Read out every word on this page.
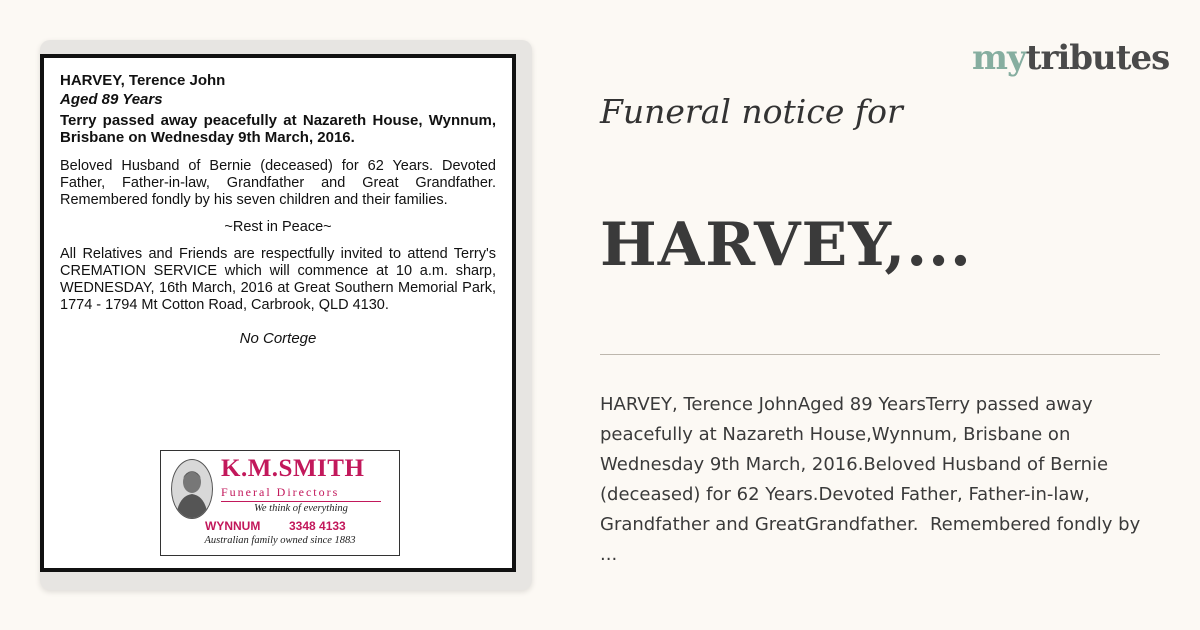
HARVEY, Terence John
Aged 89 Years
Terry passed away peacefully at Nazareth House, Wynnum, Brisbane on Wednesday 9th March, 2016.
Beloved Husband of Bernie (deceased) for 62 Years. Devoted Father, Father-in-law, Grandfather and Great Grandfather. Remembered fondly by his seven children and their families.
~Rest in Peace~
All Relatives and Friends are respectfully invited to attend Terry's CREMATION SERVICE which will commence at 10 a.m. sharp, WEDNESDAY, 16th March, 2016 at Great Southern Memorial Park, 1774 - 1794 Mt Cotton Road, Carbrook, QLD 4130.
No Cortege
K.M.SMITH
Funeral Directors
We think of everything
WYNNUM 3348 4133
Australian family owned since 1883
mytributes
Funeral notice for
HARVEY,...
HARVEY, Terence JohnAged 89 YearsTerry passed away
peacefully at Nazareth House,Wynnum, Brisbane on
Wednesday 9th March, 2016.Beloved Husband of Bernie
(deceased) for 62 Years.Devoted Father, Father-in-law,
Grandfather and GreatGrandfather.  Remembered fondly by
...
